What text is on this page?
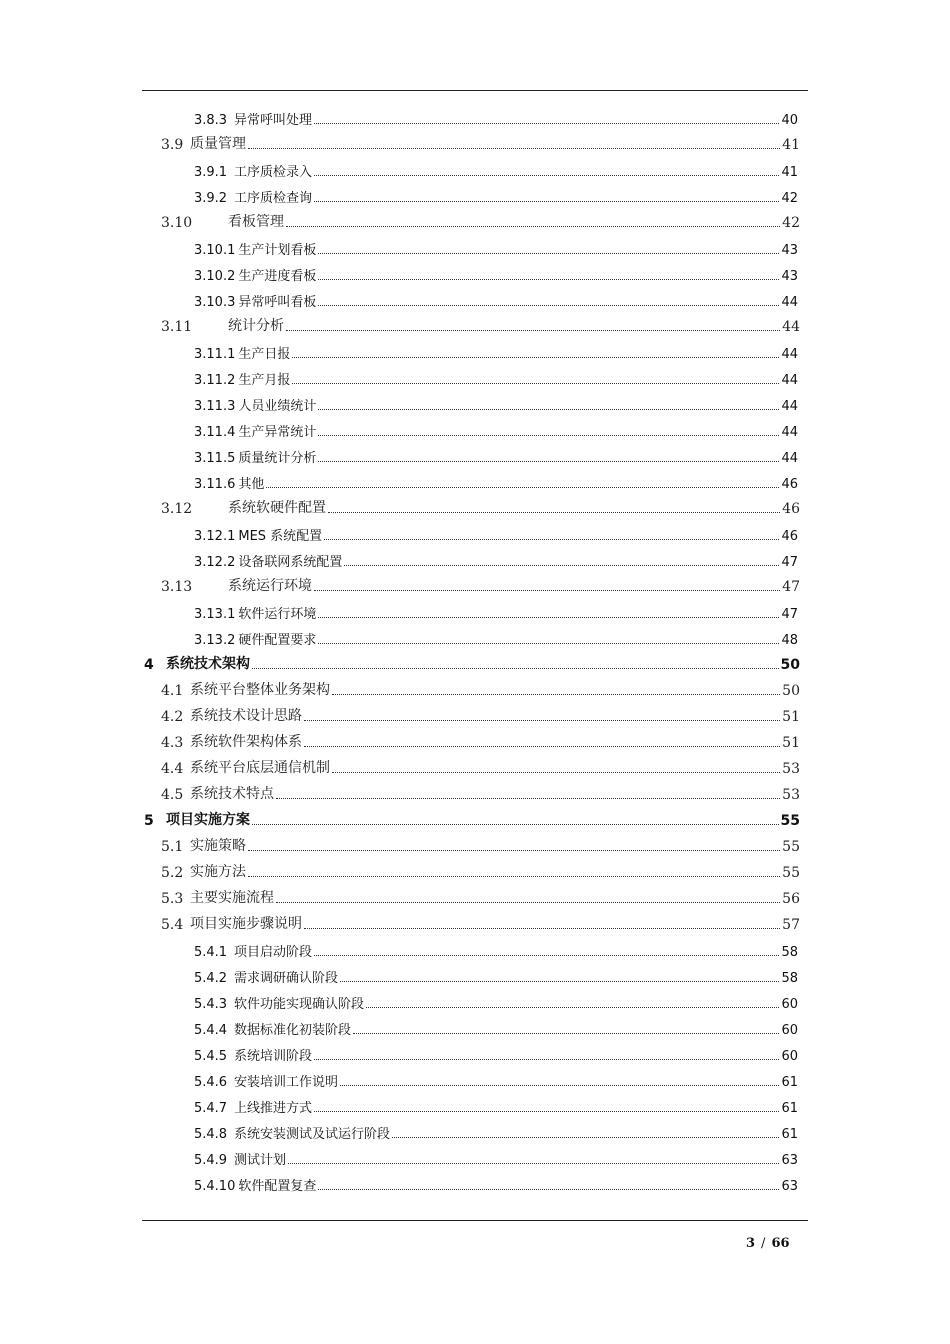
3.8.3 异常呼叫处理	40
3.9 质量管理	41
3.9.1 工序质检录入	41
3.9.2 工序质检查询	42
3.10	看板管理	42
3.10.1 生产计划看板	43
3.10.2 生产进度看板	43
3.10.3 异常呼叫看板	44
3.11	统计分析	44
3.11.1 生产日报	44
3.11.2 生产月报	44
3.11.3 人员业绩统计	44
3.11.4 生产异常统计	44
3.11.5 质量统计分析	44
3.11.6 其他	46
3.12	系统软硬件配置	46
3.12.1 MES 系统配置	46
3.12.2 设备联网系统配置	47
3.13	系统运行环境	47
3.13.1 软件运行环境	47
3.13.2 硬件配置要求	48
4 系统技术架构	50
4.1 系统平台整体业务架构	50
4.2 系统技术设计思路	51
4.3 系统软件架构体系	51
4.4 系统平台底层通信机制	53
4.5 系统技术特点	53
5 项目实施方案	55
5.1 实施策略	55
5.2 实施方法	55
5.3 主要实施流程	56
5.4 项目实施步骤说明	57
5.4.1 项目启动阶段	58
5.4.2 需求调研确认阶段	58
5.4.3 软件功能实现确认阶段	60
5.4.4 数据标准化初装阶段	60
5.4.5 系统培训阶段	60
5.4.6 安装培训工作说明	61
5.4.7 上线推进方式	61
5.4.8 系统安装测试及试运行阶段	61
5.4.9 测试计划	63
5.4.10 软件配置复查	63
3 / 66
